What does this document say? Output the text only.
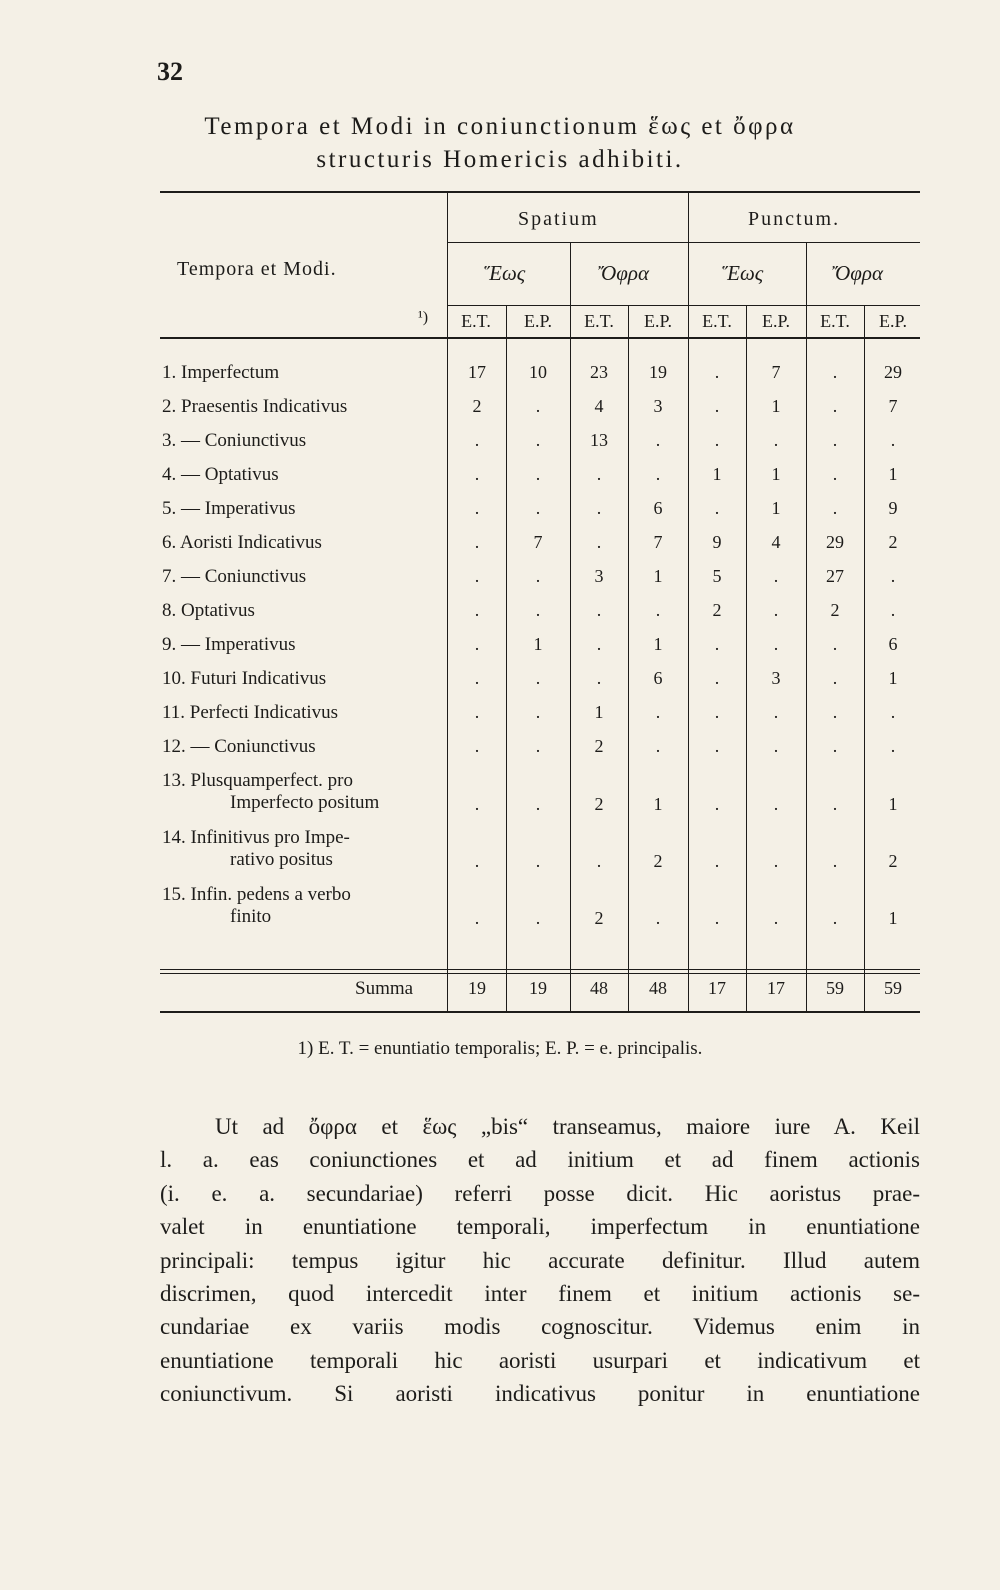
32
Tempora et Modi in coniunctionum ἕως et ὄφρα
structuris Homericis adhibiti.
Tempora et Modi.
¹)
Spatium	Punctum.
Ἕως	Ὄφρα	Ἕως	Ὄφρα
E.T.	E.P.	E.T.	E.P.	E.T.	E.P.	E.T.	E.P.
1. Imperfectum	17	10	23	19	.	7	.	29
2. Praesentis Indicativus	2	.	4	3	.	1	.	7
3. — Coniunctivus	.	.	13	.	.	.	.	.
4. — Optativus	.	.	.	.	1	1	.	1
5. — Imperativus	.	.	.	6	.	1	.	9
6. Aoristi Indicativus	.	7	.	7	9	4	29	2
7. — Coniunctivus	.	.	3	1	5	.	27	.
8. Optativus	.	.	.	.	2	.	2	.
9. — Imperativus	.	1	.	1	.	.	.	6
10. Futuri Indicativus	.	.	.	6	.	3	.	1
11. Perfecti Indicativus	.	.	1	.	.	.	.	.
12. — Coniunctivus	.	.	2	.	.	.	.	.
13. Plusquamperfect. pro
Imperfecto positum	.	.	2	1	.	.	.	1
14. Infinitivus pro Impe-
rativo positus	.	.	.	2	.	.	.	2
15. Infin. pedens a verbo
finito	.	.	2	.	.	.	.	1
Summa	19	19	48	48	17	17	59	59
1) E. T. = enuntiatio temporalis; E. P. = e. principalis.
Ut ad ὄφρα et ἕως „bis“ transeamus, maiore iure A. Keil
l. a. eas coniunctiones et ad initium et ad finem actionis
(i. e. a. secundariae) referri posse dicit. Hic aoristus prae-
valet in enuntiatione temporali, imperfectum in enuntiatione
principali: tempus igitur hic accurate definitur. Illud autem
discrimen, quod intercedit inter finem et initium actionis se-
cundariae ex variis modis cognoscitur. Videmus enim in
enuntiatione temporali hic aoristi usurpari et indicativum et
coniunctivum. Si aoristi indicativus ponitur in enuntiatione
